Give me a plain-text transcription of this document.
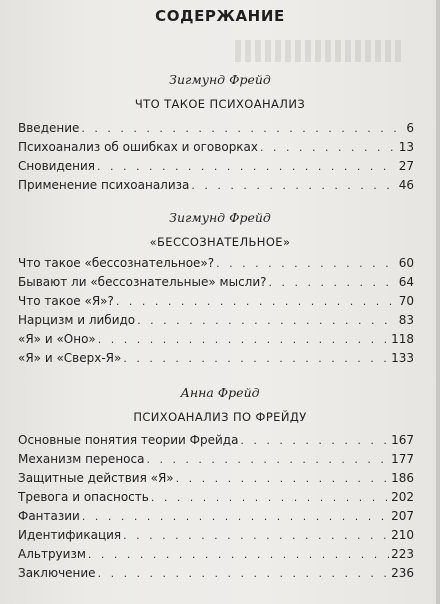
СОДЕРЖАНИЕ
Зигмунд Фрейд
ЧТО ТАКОЕ ПСИХОАНАЛИЗ
Введение . . .	6
Психоанализ об ошибках и оговорках . . .	13
Сновидения . . .	27
Применение психоанализа . . .	46
Зигмунд Фрейд
«БЕССОЗНАТЕЛЬНОЕ»
Что такое «бессознательное»? . . .	60
Бывают ли «бессознательные» мысли? . . .	64
Что такое «Я»? . . .	70
Нарцизм и либидо . . .	83
«Я» и «Оно» . . .	118
«Я» и «Сверх-Я» . . .	133
Анна Фрейд
ПСИХОАНАЛИЗ ПО ФРЕЙДУ
Основные понятия теории Фрейда . . .	167
Механизм переноса . . .	177
Защитные действия «Я» . . .	186
Тревога и опасность . . .	202
Фантазии . . .	207
Идентификация . . .	210
Альтруизм . . .	223
Заключение . . .	236
